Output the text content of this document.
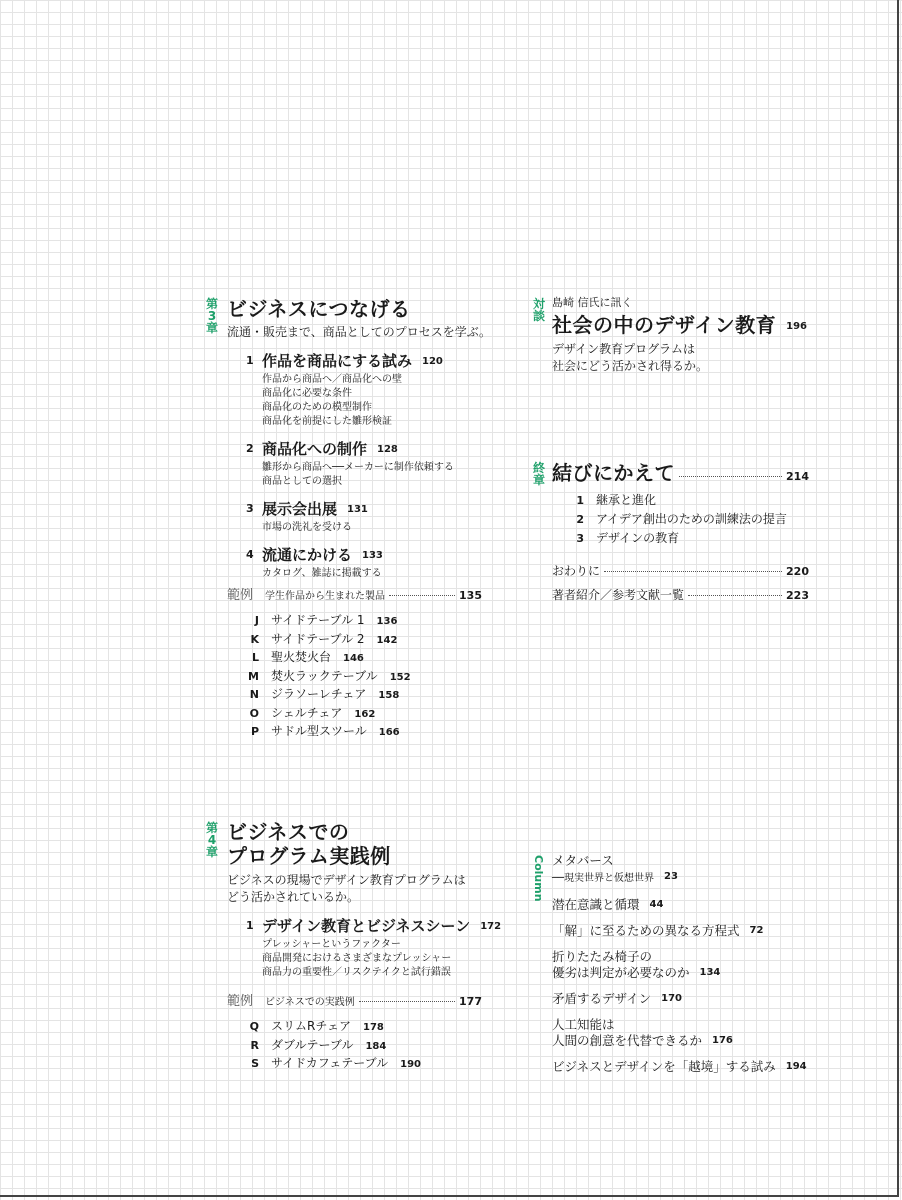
第
3
章
ビジネスにつなげる
流通・販売まで、商品としてのプロセスを学ぶ。
1 作品を商品にする試み 120
作品から商品へ／商品化への壁
商品化に必要な条件
商品化のための模型制作
商品化を前提にした雛形検証
2 商品化への制作 128
雛形から商品へ──メーカーに制作依頼する
商品としての選択
3 展示会出展 131
市場の洗礼を受ける
4 流通にかける 133
カタログ、雑誌に掲載する
範例 学生作品から生まれた製品	135
J サイドテーブル 1 136
K サイドテーブル 2 142
L 聖火焚火台 146
M 焚火ラックテーブル 152
N ジラソーレチェア 158
O シェルチェア 162
P サドル型スツール 166
第
4
章
ビジネスでの
プログラム実践例
ビジネスの現場でデザイン教育プログラムは
どう活かされているか。
1 デザイン教育とビジネスシーン 172
プレッシャーというファクター
商品開発におけるさまざまなプレッシャー
商品力の重要性／リスクテイクと試行錯誤
範例 ビジネスでの実践例	177
Q スリムRチェア 178
R ダブルテーブル 184
S サイドカフェテーブル 190
対
談
島崎 信氏に訊く
社会の中のデザイン教育 196
デザイン教育プログラムは
社会にどう活かされ得るか。
終
章 結びにかえて	214
1 継承と進化
2 アイデア創出のための訓練法の提言
3 デザインの教育
おわりに	220
著者紹介／参考文献一覧	223
Column メタバース
──現実世界と仮想世界 23
潜在意識と循環 44
「解」に至るための異なる方程式 72
折りたたみ椅子の
優劣は判定が必要なのか 134
矛盾するデザイン 170
人工知能は
人間の創意を代替できるか 176
ビジネスとデザインを「越境」する試み 194
